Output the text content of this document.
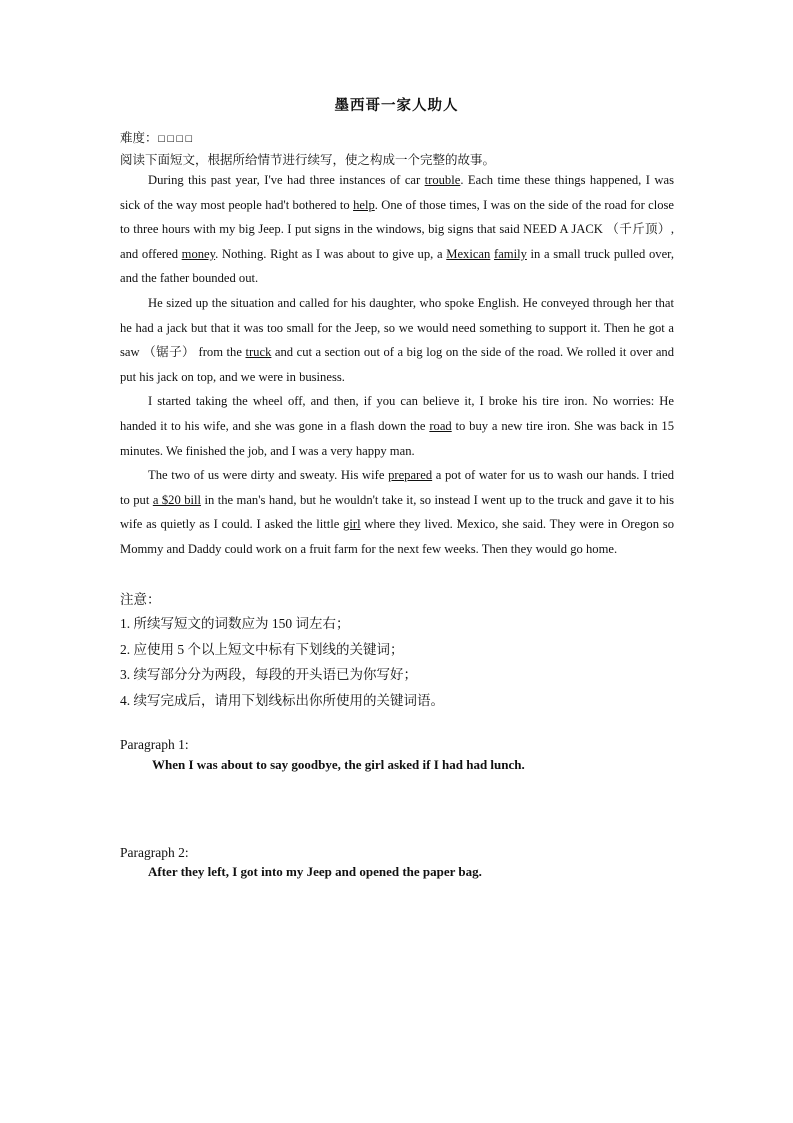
墨西哥一家人助人
难度：☐☐☐☐
阅读下面短文，根据所给情节进行续写，使之构成一个完整的故事。

During this past year, I've had three instances of car trouble. Each time these things happened, I was sick of the way most people had't bothered to help. One of those times, I was on the side of the road for close to three hours with my big Jeep. I put signs in the windows, big signs that said NEED A JACK （千斤顶）, and offered money. Nothing. Right as I was about to give up, a Mexican family in a small truck pulled over, and the father bounded out.

He sized up the situation and called for his daughter, who spoke English. He conveyed through her that he had a jack but that it was too small for the Jeep, so we would need something to support it. Then he got a saw （锯子） from the truck and cut a section out of a big log on the side of the road. We rolled it over and put his jack on top, and we were in business.

I started taking the wheel off, and then, if you can believe it, I broke his tire iron. No worries: He handed it to his wife, and she was gone in a flash down the road to buy a new tire iron. She was back in 15 minutes. We finished the job, and I was a very happy man.

The two of us were dirty and sweaty. His wife prepared a pot of water for us to wash our hands. I tried to put a $20 bill in the man's hand, but he wouldn't take it, so instead I went up to the truck and gave it to his wife as quietly as I could. I asked the little girl where they lived. Mexico, she said. They were in Oregon so Mommy and Daddy could work on a fruit farm for the next few weeks. Then they would go home.

注意：
1. 所续写短文的词数应为 150 词左右；
2. 应使用 5 个以上短文中标有下划线的关键词；
3. 续写部分分为两段，每段的开头语已为你写好；
4. 续写完成后，请用下划线标出你所使用的关键词语。
Paragraph 1:
When I was about to say goodbye, the girl asked if I had had lunch.
Paragraph 2:
After they left, I got into my Jeep and opened the paper bag.
